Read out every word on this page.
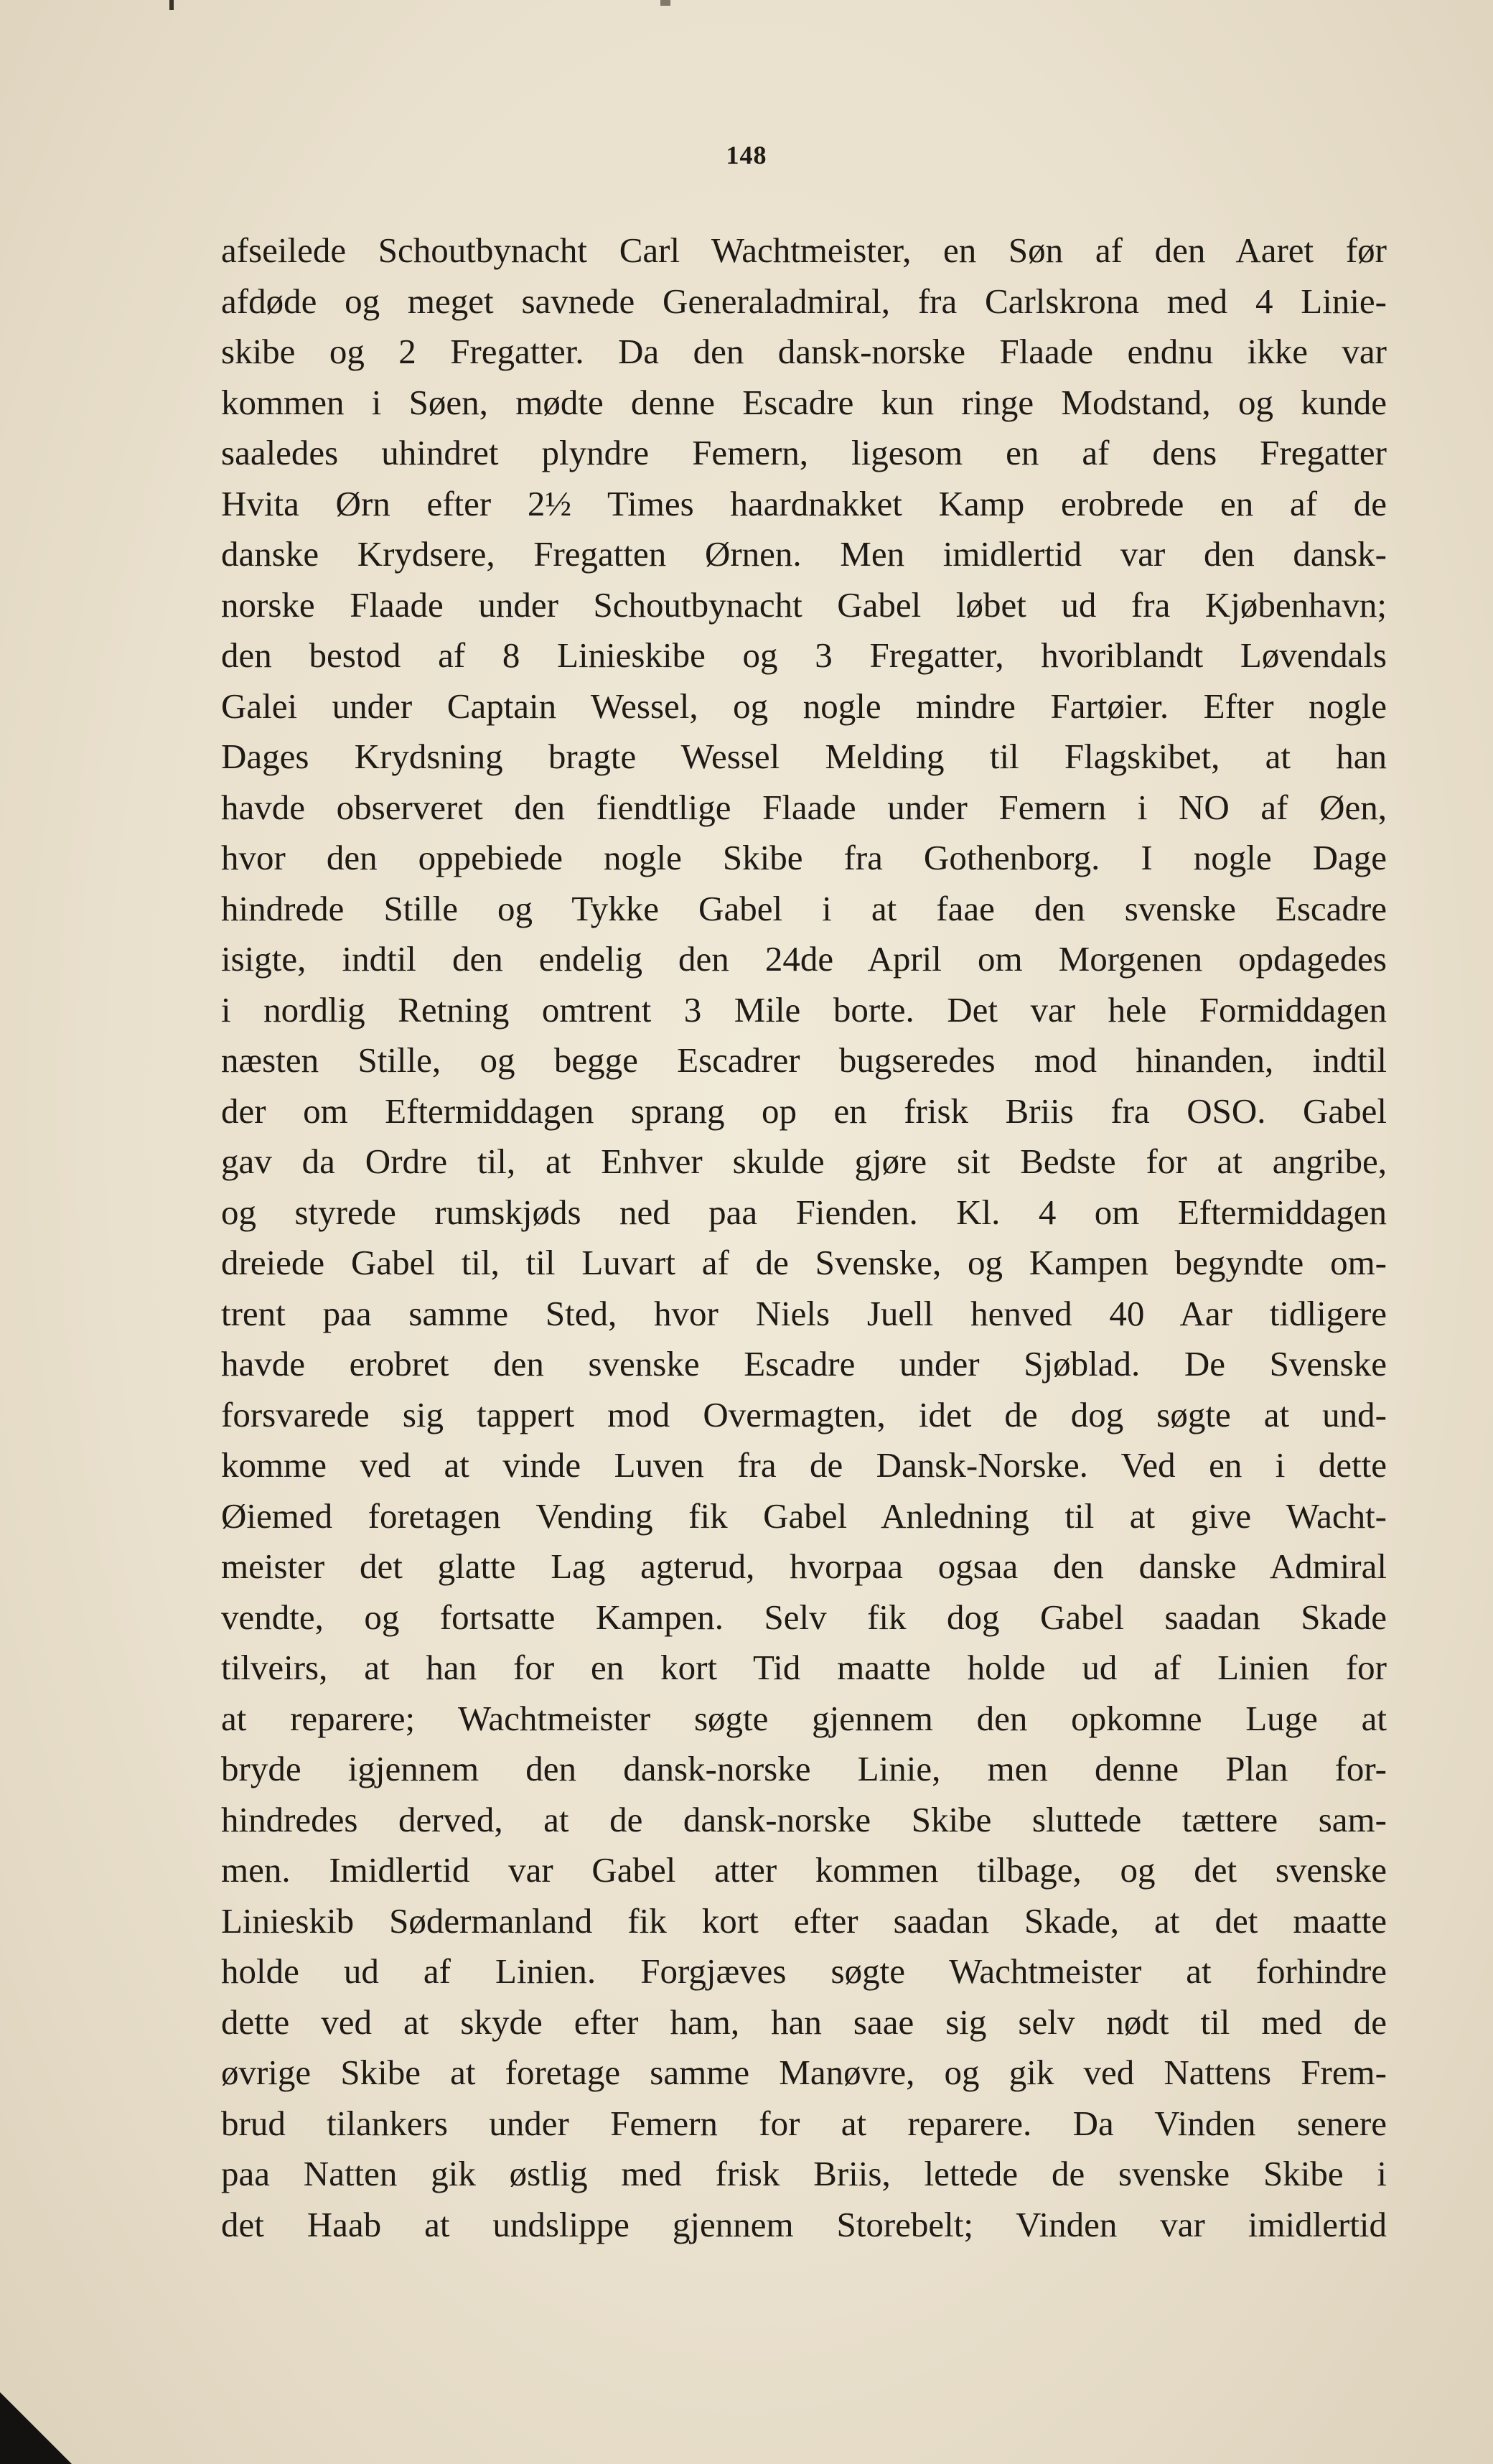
148
afseilede Schoutbynacht Carl Wachtmeister, en Søn af den Aaret før
afdøde og meget savnede Generaladmiral, fra Carlskrona med 4 Linie-
skibe og 2 Fregatter. Da den dansk-norske Flaade endnu ikke var
kommen i Søen, mødte denne Escadre kun ringe Modstand, og kunde
saaledes uhindret plyndre Femern, ligesom en af dens Fregatter
Hvita Ørn efter 2½ Times haardnakket Kamp erobrede en af de
danske Krydsere, Fregatten Ørnen. Men imidlertid var den dansk-
norske Flaade under Schoutbynacht Gabel løbet ud fra Kjøbenhavn;
den bestod af 8 Linieskibe og 3 Fregatter, hvoriblandt Løvendals
Galei under Captain Wessel, og nogle mindre Fartøier. Efter nogle
Dages Krydsning bragte Wessel Melding til Flagskibet, at han
havde observeret den fiendtlige Flaade under Femern i NO af Øen,
hvor den oppebiede nogle Skibe fra Gothenborg. I nogle Dage
hindrede Stille og Tykke Gabel i at faae den svenske Escadre
isigte, indtil den endelig den 24de April om Morgenen opdagedes
i nordlig Retning omtrent 3 Mile borte. Det var hele Formiddagen
næsten Stille, og begge Escadrer bugseredes mod hinanden, indtil
der om Eftermiddagen sprang op en frisk Briis fra OSO. Gabel
gav da Ordre til, at Enhver skulde gjøre sit Bedste for at angribe,
og styrede rumskjøds ned paa Fienden. Kl. 4 om Eftermiddagen
dreiede Gabel til, til Luvart af de Svenske, og Kampen begyndte om-
trent paa samme Sted, hvor Niels Juell henved 40 Aar tidligere
havde erobret den svenske Escadre under Sjøblad. De Svenske
forsvarede sig tappert mod Overmagten, idet de dog søgte at und-
komme ved at vinde Luven fra de Dansk-Norske. Ved en i dette
Øiemed foretagen Vending fik Gabel Anledning til at give Wacht-
meister det glatte Lag agterud, hvorpaa ogsaa den danske Admiral
vendte, og fortsatte Kampen. Selv fik dog Gabel saadan Skade
tilveirs, at han for en kort Tid maatte holde ud af Linien for
at reparere; Wachtmeister søgte gjennem den opkomne Luge at
bryde igjennem den dansk-norske Linie, men denne Plan for-
hindredes derved, at de dansk-norske Skibe sluttede tættere sam-
men. Imidlertid var Gabel atter kommen tilbage, og det svenske
Linieskib Sødermanland fik kort efter saadan Skade, at det maatte
holde ud af Linien. Forgjæves søgte Wachtmeister at forhindre
dette ved at skyde efter ham, han saae sig selv nødt til med de
øvrige Skibe at foretage samme Manøvre, og gik ved Nattens Frem-
brud tilankers under Femern for at reparere. Da Vinden senere
paa Natten gik østlig med frisk Briis, lettede de svenske Skibe i
det Haab at undslippe gjennem Storebelt; Vinden var imidlertid
